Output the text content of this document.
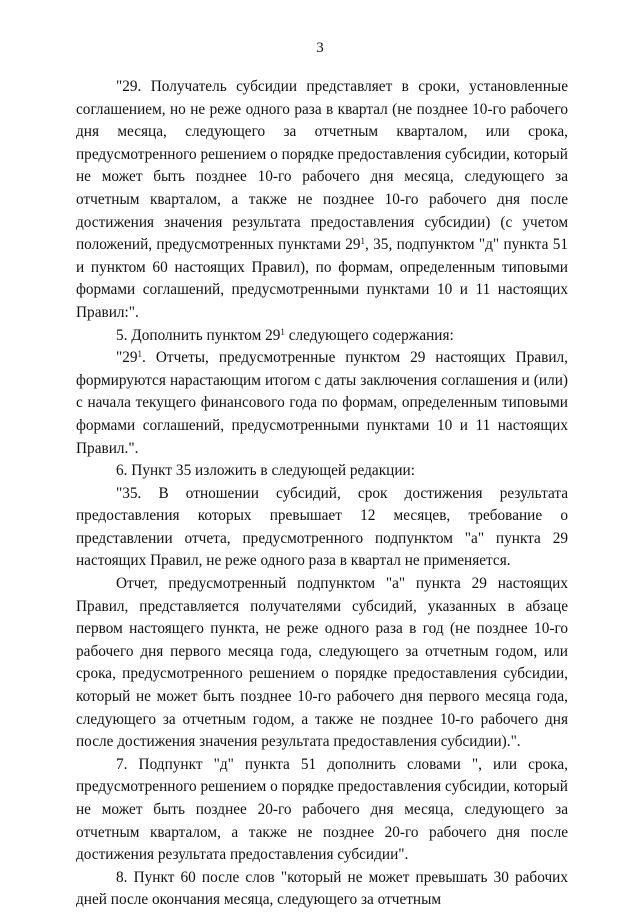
3

"29. Получатель субсидии представляет в сроки, установленные соглашением, но не реже одного раза в квартал (не позднее 10-го рабочего дня месяца, следующего за отчетным кварталом, или срока, предусмотренного решением о порядке предоставления субсидии, который не может быть позднее 10-го рабочего дня месяца, следующего за отчетным кварталом, а также не позднее 10-го рабочего дня после достижения значения результата предоставления субсидии) (с учетом положений, предусмотренных пунктами $29^1$, 35, подпунктом "д" пункта 51 и пунктом 60 настоящих Правил), по формам, определенным типовыми формами соглашений, предусмотренными пунктами 10 и 11 настоящих Правил:".

5. Дополнить пунктом $29^1$ следующего содержания:

"$29^1$. Отчеты, предусмотренные пунктом 29 настоящих Правил, формируются нарастающим итогом с даты заключения соглашения и (или) с начала текущего финансового года по формам, определенным типовыми формами соглашений, предусмотренными пунктами 10 и 11 настоящих Правил.".

6. Пункт 35 изложить в следующей редакции:

"35. В отношении субсидий, срок достижения результата предоставления которых превышает 12 месяцев, требование о представлении отчета, предусмотренного подпунктом "а" пункта 29 настоящих Правил, не реже одного раза в квартал не применяется.

Отчет, предусмотренный подпунктом "а" пункта 29 настоящих Правил, представляется получателями субсидий, указанных в абзаце первом настоящего пункта, не реже одного раза в год (не позднее 10-го рабочего дня первого месяца года, следующего за отчетным годом, или срока, предусмотренного решением о порядке предоставления субсидии, который не может быть позднее 10-го рабочего дня первого месяца года, следующего за отчетным годом, а также не позднее 10-го рабочего дня после достижения значения результата предоставления субсидии).".

7. Подпункт "д" пункта 51 дополнить словами ", или срока, предусмотренного решением о порядке предоставления субсидии, который не может быть позднее 20-го рабочего дня месяца, следующего за отчетным кварталом, а также не позднее 20-го рабочего дня после достижения результата предоставления субсидии".

8. Пункт 60 после слов "который не может превышать 30 рабочих дней после окончания месяца, следующего за отчетным
